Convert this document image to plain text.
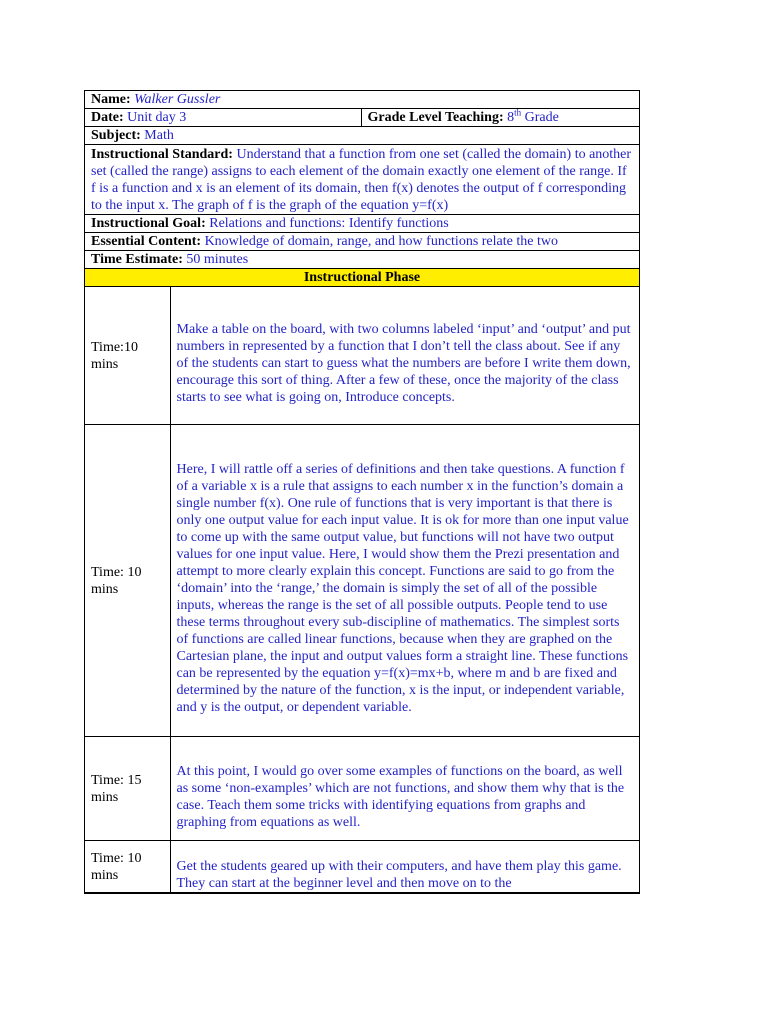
Name: Walker Gussler		
Date: Unit day 3		Grade Level Teaching: 8th Grade
Subject: Math		
Instructional Standard: Understand that a function from one set (called the domain) to another set (called the range) assigns to each element of the domain exactly one element of the range. If f is a function and x is an element of its domain, then f(x) denotes the output of f corresponding to the input x. The graph of f is the graph of the equation y=f(x)		
Instructional Goal: Relations and functions: Identify functions		
Essential Content: Knowledge of domain, range, and how functions relate the two		
Time Estimate: 50 minutes		
Instructional Phase		
Time:10 mins	Make a table on the board, with two columns labeled ‘input’ and ‘output’ and put numbers in represented by a function that I don’t tell the class about. See if any of the students can start to guess what the numbers are before I write them down, encourage this sort of thing. After a few of these, once the majority of the class starts to see what is going on, Introduce concepts.	
Time: 10 mins	Here, I will rattle off a series of definitions and then take questions. A function f of a variable x is a rule that assigns to each number x in the function’s domain a single number f(x). One rule of functions that is very important is that there is only one output value for each input value. It is ok for more than one input value to come up with the same output value, but functions will not have two output values for one input value. Here, I would show them the Prezi presentation and attempt to more clearly explain this concept. Functions are said to go from the ‘domain’ into the ‘range,’ the domain is simply the set of all of the possible inputs, whereas the range is the set of all possible outputs. People tend to use these terms throughout every sub-discipline of mathematics. The simplest sorts of functions are called linear functions, because when they are graphed on the Cartesian plane, the input and output values form a straight line. These functions can be represented by the equation y=f(x)=mx+b, where m and b are fixed and determined by the nature of the function, x is the input, or independent variable, and y is the output, or dependent variable.	
Time: 15 mins	At this point, I would go over some examples of functions on the board, as well as some ‘non-examples’ which are not functions, and show them why that is the case. Teach them some tricks with identifying equations from graphs and graphing from equations as well.	
Time: 10 mins	Get the students geared up with their computers, and have them play this game. They can start at the beginner level and then move on to the	
